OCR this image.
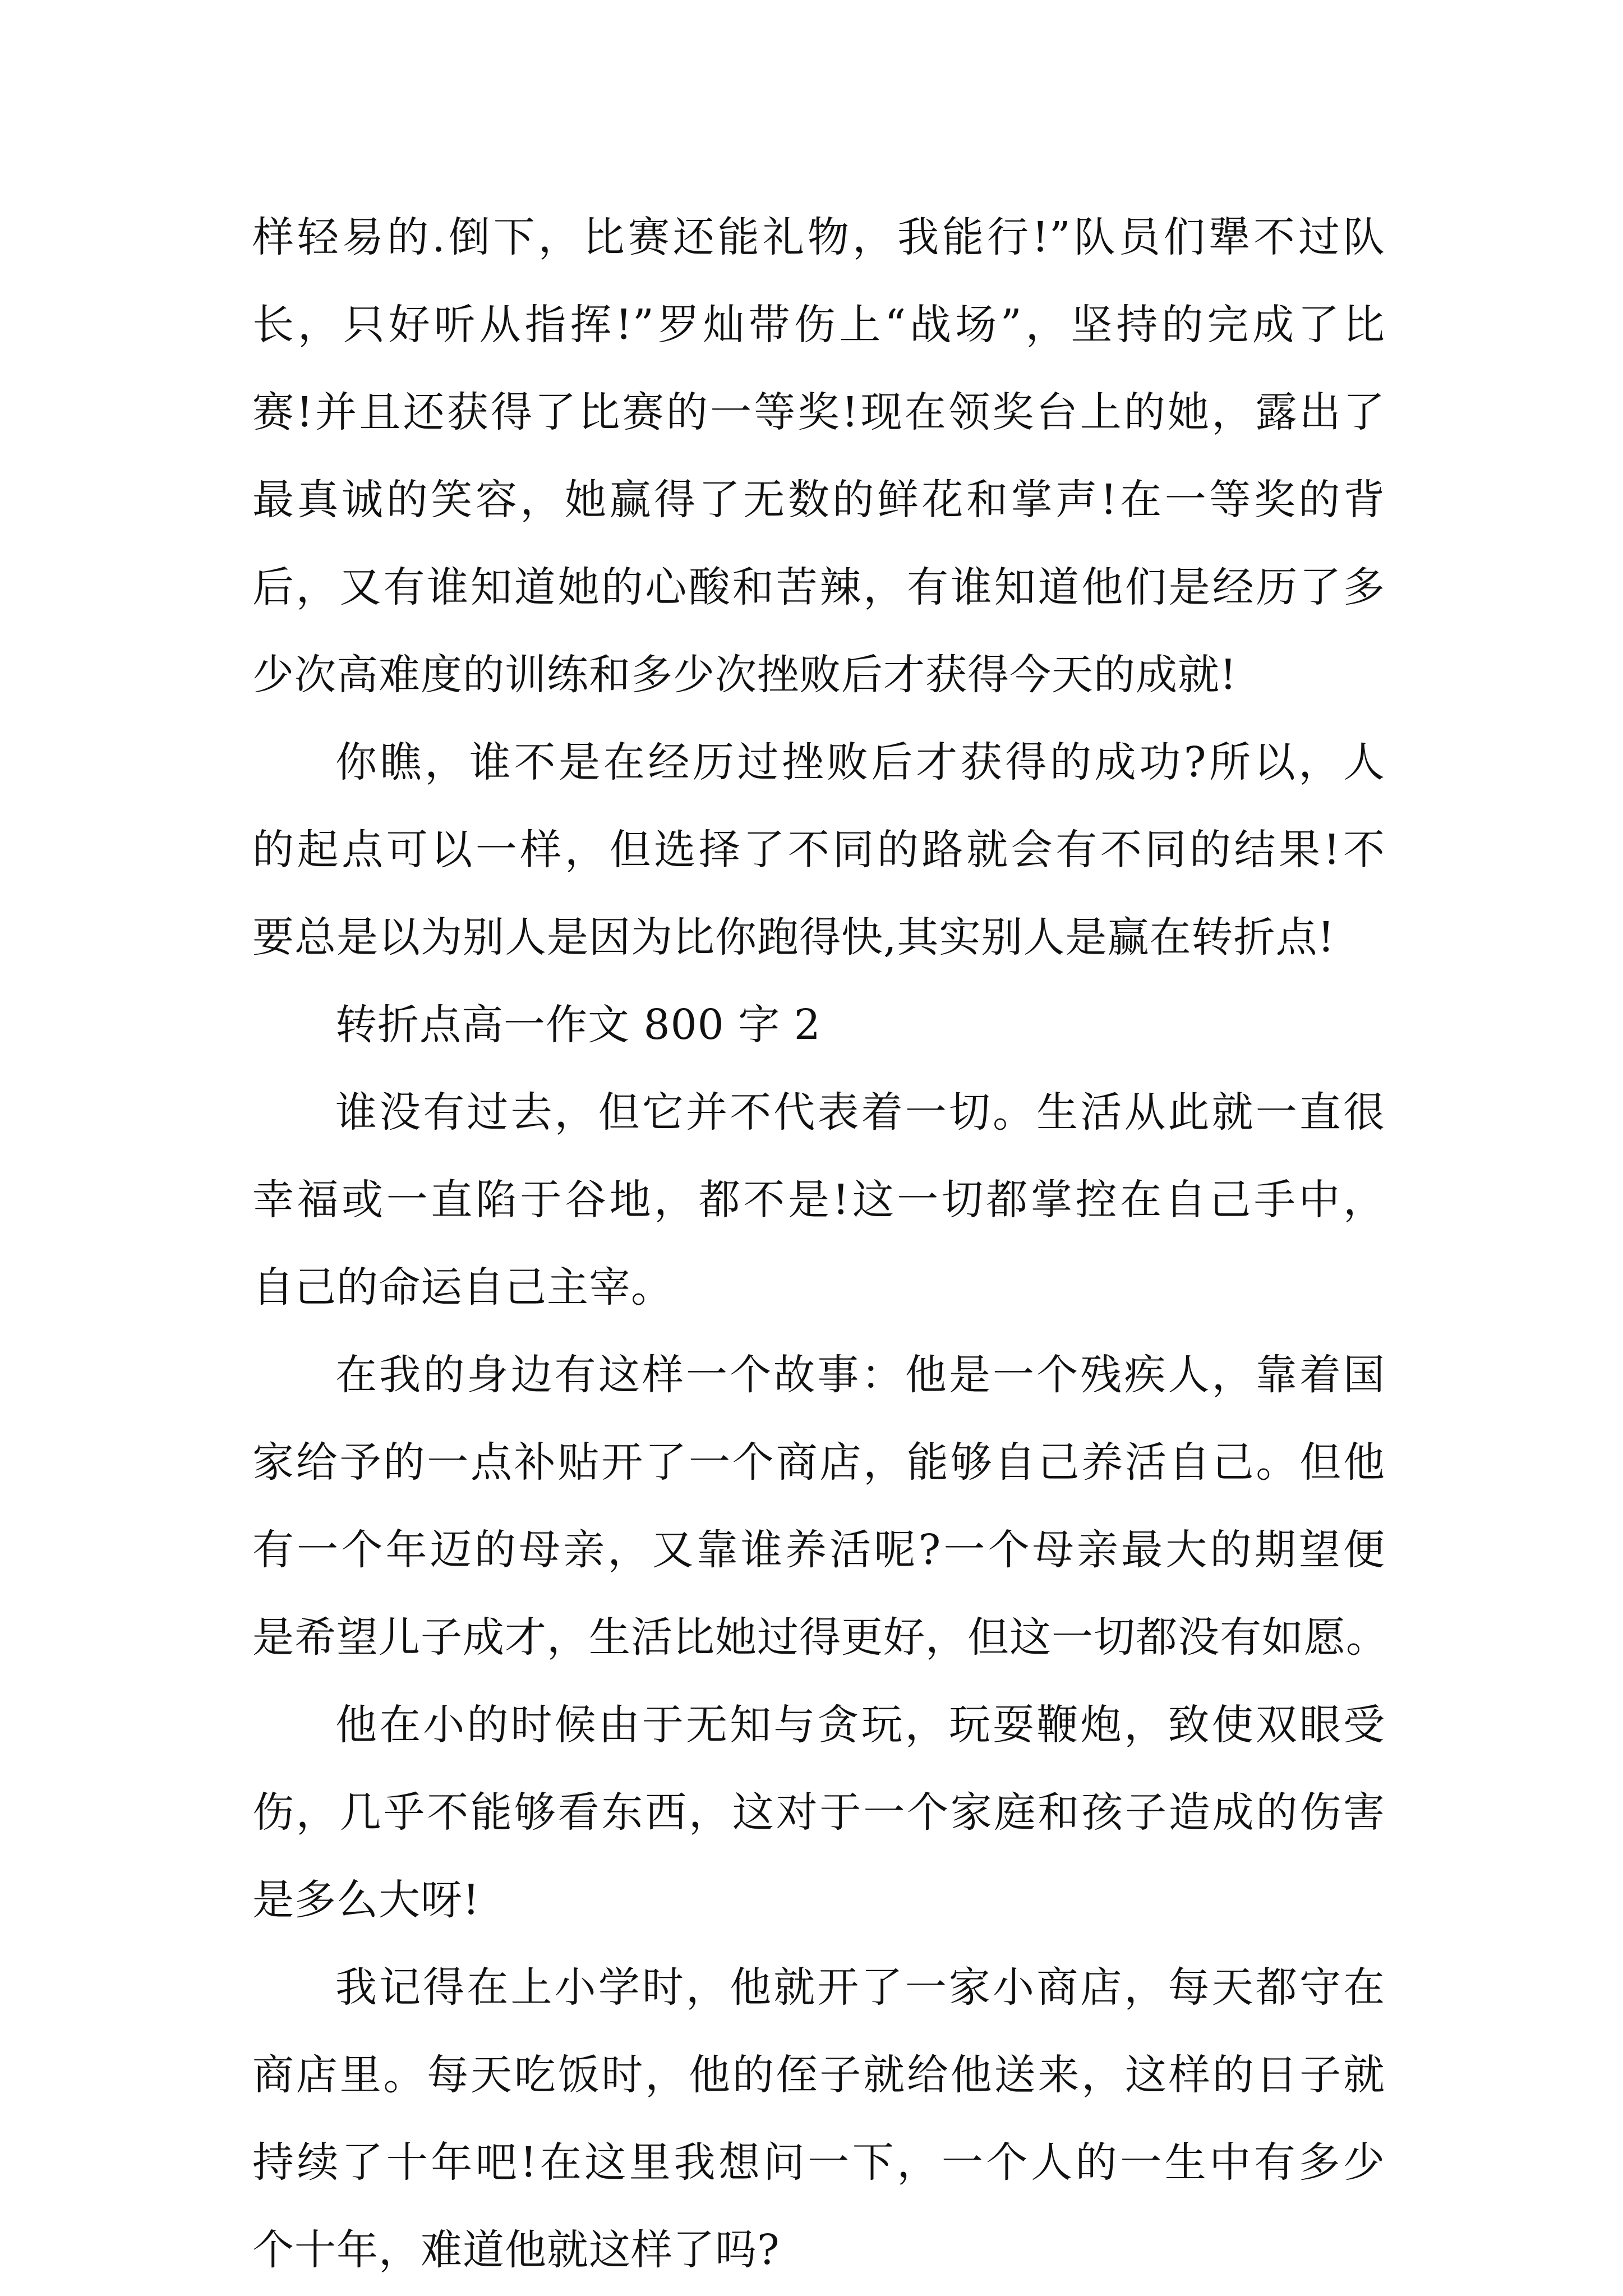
样轻易的.倒下，比赛还能礼物，我能行!”队员们犟不过队
长，只好听从指挥!”罗灿带伤上“战场”，坚持的完成了比
赛!并且还获得了比赛的一等奖!现在领奖台上的她，露出了
最真诚的笑容，她赢得了无数的鲜花和掌声!在一等奖的背
后，又有谁知道她的心酸和苦辣，有谁知道他们是经历了多
少次高难度的训练和多少次挫败后才获得今天的成就!
你瞧，谁不是在经历过挫败后才获得的成功?所以，人
的起点可以一样，但选择了不同的路就会有不同的结果!不
要总是以为别人是因为比你跑得快,其实别人是赢在转折点!
转折点高一作文 800 字 2
谁没有过去，但它并不代表着一切。生活从此就一直很
幸福或一直陷于谷地，都不是!这一切都掌控在自己手中，
自己的命运自己主宰。
在我的身边有这样一个故事：他是一个残疾人，靠着国
家给予的一点补贴开了一个商店，能够自己养活自己。但他
有一个年迈的母亲，又靠谁养活呢?一个母亲最大的期望便
是希望儿子成才，生活比她过得更好，但这一切都没有如愿。
他在小的时候由于无知与贪玩，玩耍鞭炮，致使双眼受
伤，几乎不能够看东西，这对于一个家庭和孩子造成的伤害
是多么大呀!
我记得在上小学时，他就开了一家小商店，每天都守在
商店里。每天吃饭时，他的侄子就给他送来，这样的日子就
持续了十年吧!在这里我想问一下，一个人的一生中有多少
个十年，难道他就这样了吗?
